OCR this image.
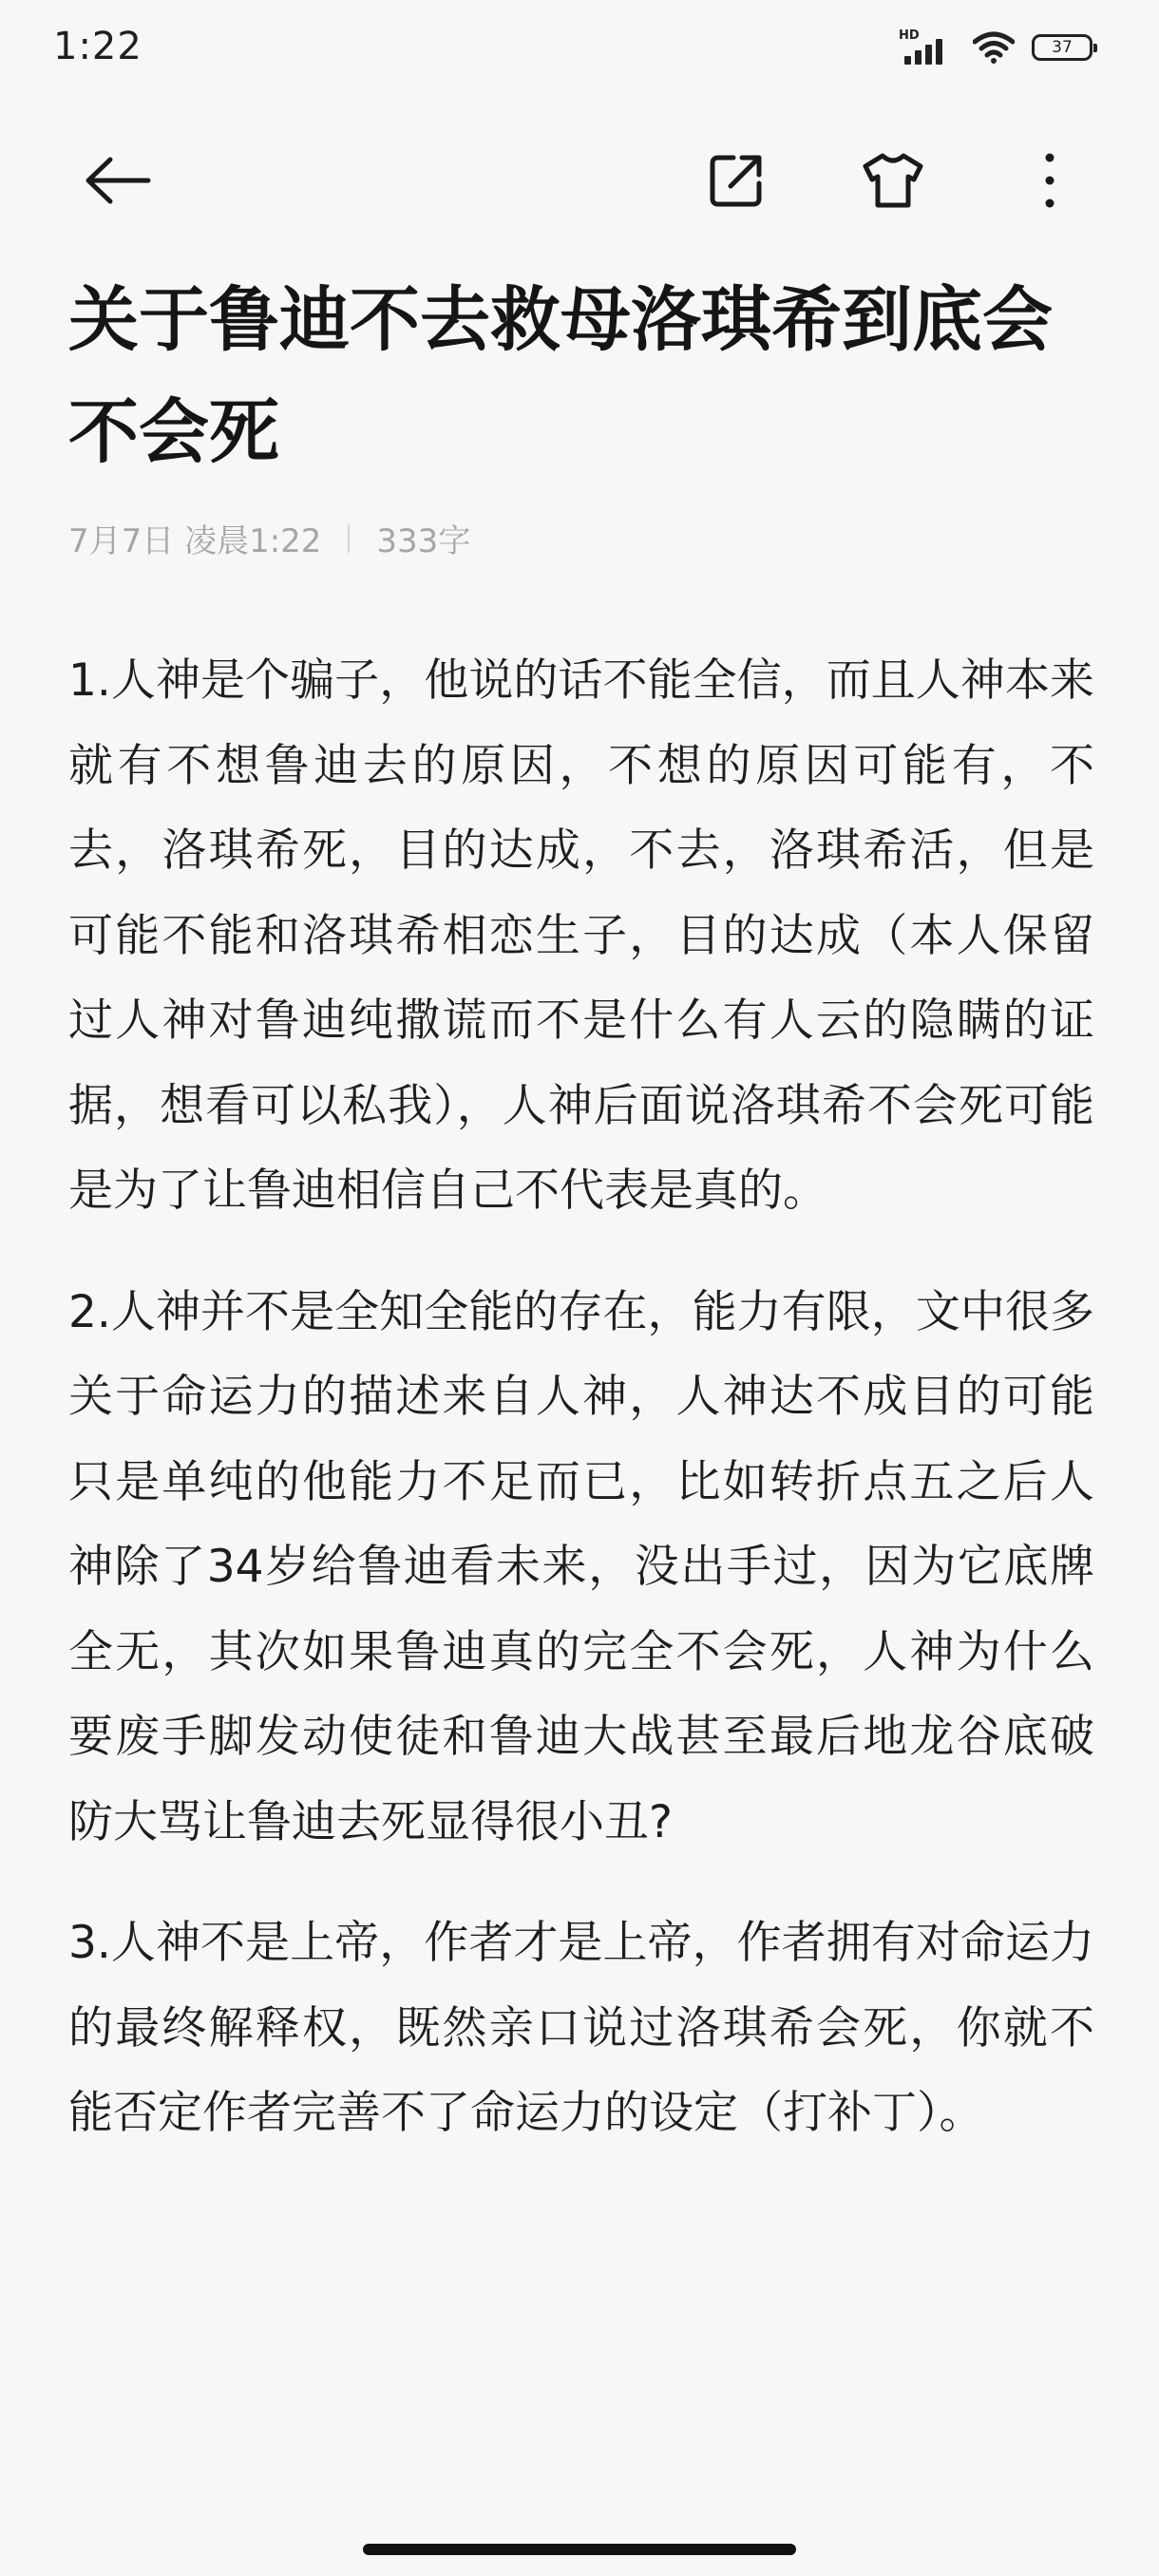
1:22	HD
37
关于鲁迪不去救母洛琪希到底会不会死
7月7日 凌晨1:22 333字

1.人神是个骗子，他说的话不能全信，而且人神本来就有不想鲁迪去的原因，不想的原因可能有，不去，洛琪希死，目的达成，不去，洛琪希活，但是可能不能和洛琪希相恋生子，目的达成（本人保留过人神对鲁迪纯撒谎而不是什么有人云的隐瞒的证据，想看可以私我），人神后面说洛琪希不会死可能是为了让鲁迪相信自己不代表是真的。

2.人神并不是全知全能的存在，能力有限，文中很多关于命运力的描述来自人神，人神达不成目的可能只是单纯的他能力不足而已，比如转折点五之后人神除了34岁给鲁迪看未来，没出手过，因为它底牌全无，其次如果鲁迪真的完全不会死，人神为什么要废手脚发动使徒和鲁迪大战甚至最后地龙谷底破防大骂让鲁迪去死显得很小丑?

3.人神不是上帝，作者才是上帝，作者拥有对命运力的最终解释权，既然亲口说过洛琪希会死，你就不能否定作者完善不了命运力的设定（打补丁）。
